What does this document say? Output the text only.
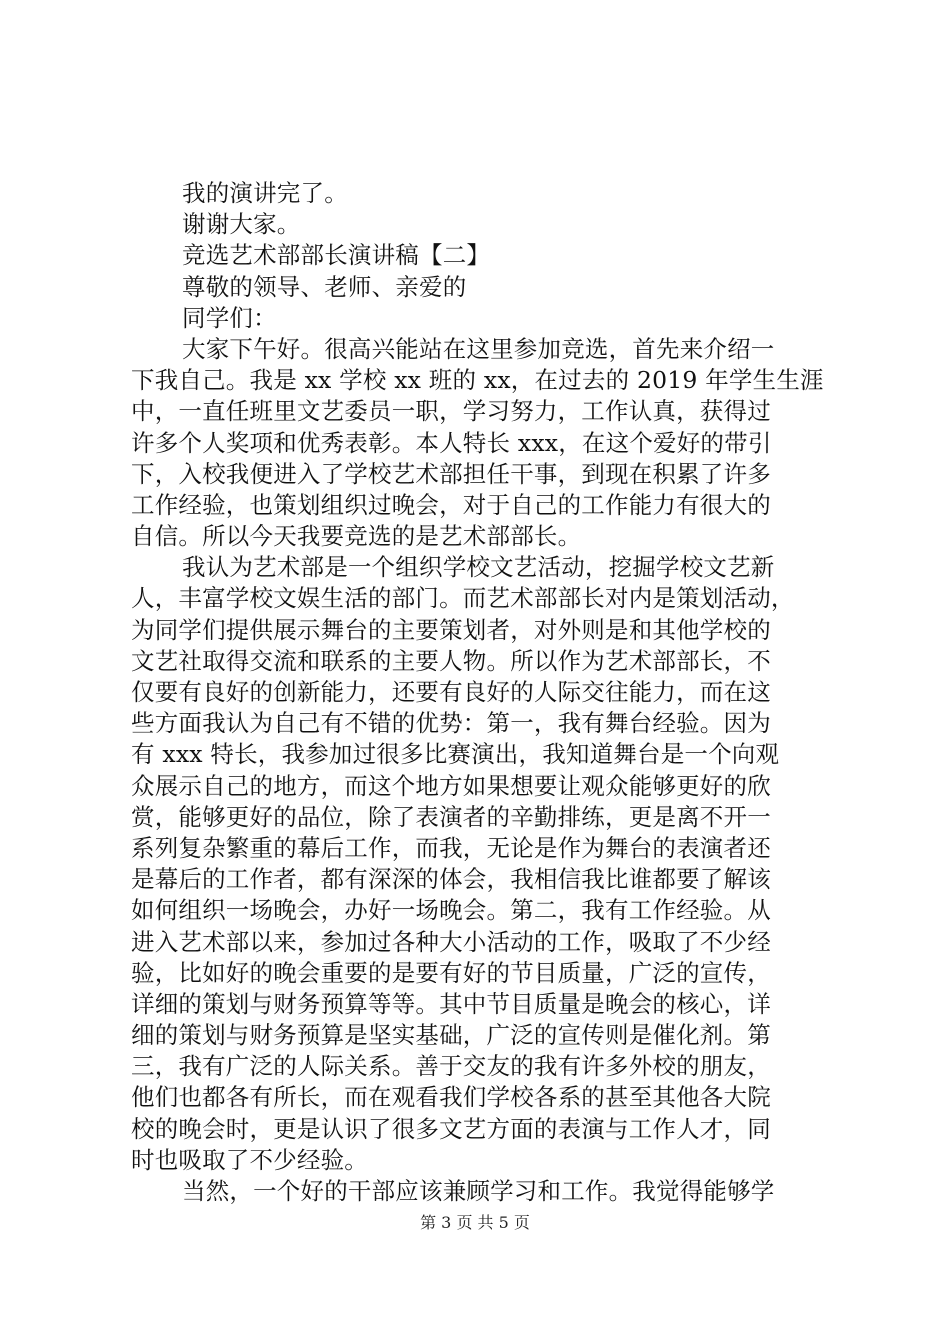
我的演讲完了。
谢谢大家。
竞选艺术部部长演讲稿【二】
尊敬的领导、老师、亲爱的
同学们：
大家下午好。很高兴能站在这里参加竞选，首先来介绍一
下我自己。我是 xx 学校 xx 班的 xx，在过去的 2019 年学生生涯
中，一直任班里文艺委员一职，学习努力，工作认真，获得过
许多个人奖项和优秀表彰。本人特长 xxx，在这个爱好的带引
下，入校我便进入了学校艺术部担任干事，到现在积累了许多
工作经验，也策划组织过晚会，对于自己的工作能力有很大的
自信。所以今天我要竞选的是艺术部部长。
我认为艺术部是一个组织学校文艺活动，挖掘学校文艺新
人，丰富学校文娱生活的部门。而艺术部部长对内是策划活动，
为同学们提供展示舞台的主要策划者，对外则是和其他学校的
文艺社取得交流和联系的主要人物。所以作为艺术部部长，不
仅要有良好的创新能力，还要有良好的人际交往能力，而在这
些方面我认为自己有不错的优势：第一，我有舞台经验。因为
有 xxx 特长，我参加过很多比赛演出，我知道舞台是一个向观
众展示自己的地方，而这个地方如果想要让观众能够更好的欣
赏，能够更好的品位，除了表演者的辛勤排练，更是离不开一
系列复杂繁重的幕后工作，而我，无论是作为舞台的表演者还
是幕后的工作者，都有深深的体会，我相信我比谁都要了解该
如何组织一场晚会，办好一场晚会。第二，我有工作经验。从
进入艺术部以来，参加过各种大小活动的工作，吸取了不少经
验，比如好的晚会重要的是要有好的节目质量，广泛的宣传，
详细的策划与财务预算等等。其中节目质量是晚会的核心，详
细的策划与财务预算是坚实基础，广泛的宣传则是催化剂。第
三，我有广泛的人际关系。善于交友的我有许多外校的朋友，
他们也都各有所长，而在观看我们学校各系的甚至其他各大院
校的晚会时，更是认识了很多文艺方面的表演与工作人才，同
时也吸取了不少经验。
当然，一个好的干部应该兼顾学习和工作。我觉得能够学
第 3 页 共 5 页
